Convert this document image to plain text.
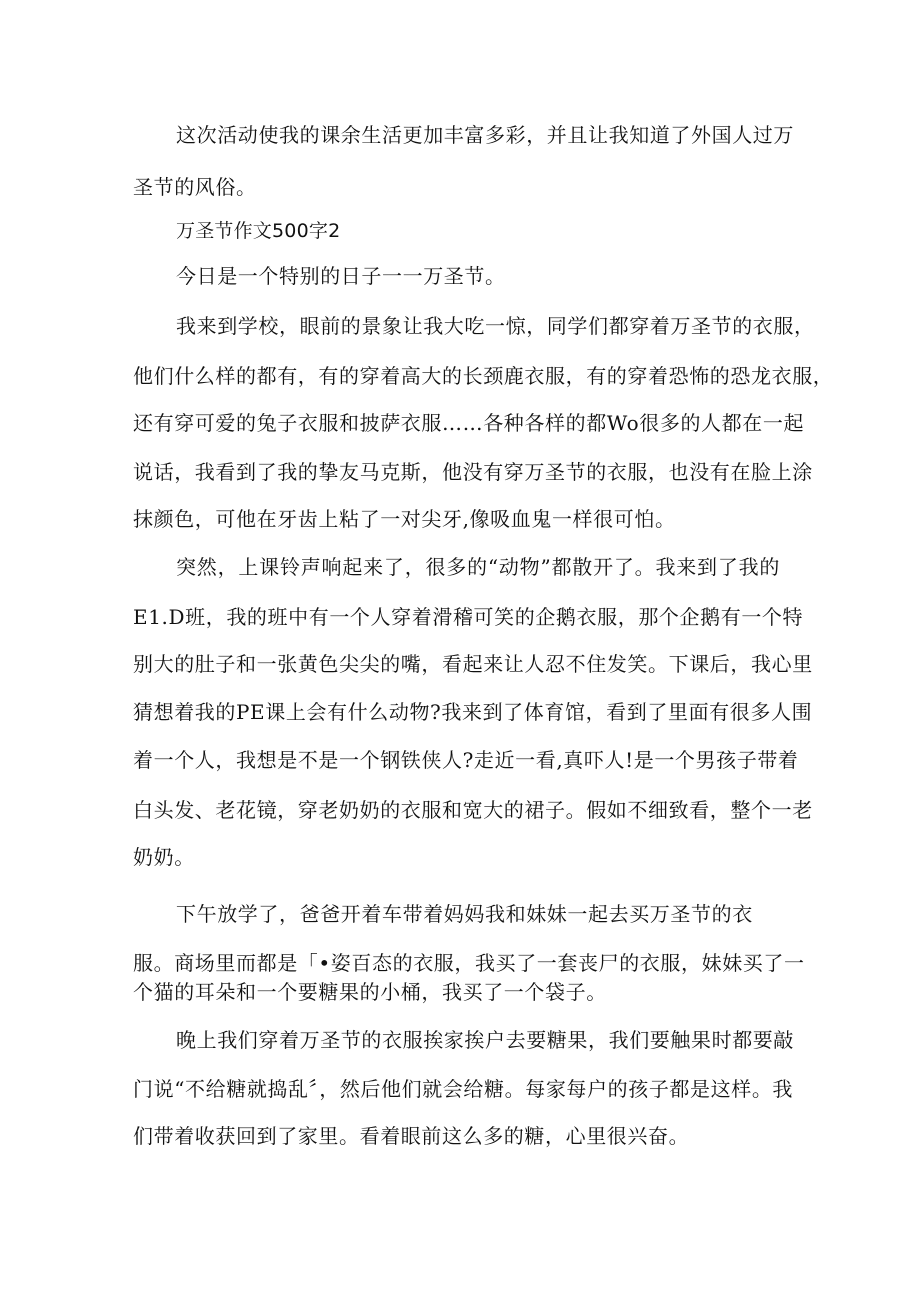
这次活动使我的课余生活更加丰富多彩，并且让我知道了外国人过万
圣节的风俗。
万圣节作文500字2
今日是一个特别的日子一一万圣节。
我来到学校，眼前的景象让我大吃一惊，同学们都穿着万圣节的衣服，
他们什么样的都有，有的穿着高大的长颈鹿衣服，有的穿着恐怖的恐龙衣服，
还有穿可爱的兔子衣服和披萨衣服……各种各样的都Wo很多的人都在一起
说话，我看到了我的挚友马克斯，他没有穿万圣节的衣服，也没有在脸上涂
抹颜色，可他在牙齿上粘了一对尖牙,像吸血鬼一样很可怕。
突然，上课铃声响起来了，很多的“动物”都散开了。我来到了我的
E1.D班，我的班中有一个人穿着滑稽可笑的企鹅衣服，那个企鹅有一个特
别大的肚子和一张黄色尖尖的嘴，看起来让人忍不住发笑。下课后，我心里
猜想着我的PE课上会有什么动物?我来到了体育馆，看到了里面有很多人围
着一个人，我想是不是一个钢铁侠人?走近一看,真吓人!是一个男孩子带着
白头发、老花镜，穿老奶奶的衣服和宽大的裙子。假如不细致看，整个一老
奶奶。
下午放学了，爸爸开着车带着妈妈我和妹妹一起去买万圣节的衣
服。商场里而都是「•姿百态的衣服，我买了一套丧尸的衣服，妹妹买了一
个猫的耳朵和一个要糖果的小桶，我买了一个袋子。
晚上我们穿着万圣节的衣服挨家挨户去要糖果，我们要触果时都要敲
门说“不给糖就捣乱〞，然后他们就会给糖。每家每户的孩子都是这样。我
们带着收获回到了家里。看着眼前这么多的糖，心里很兴奋。
